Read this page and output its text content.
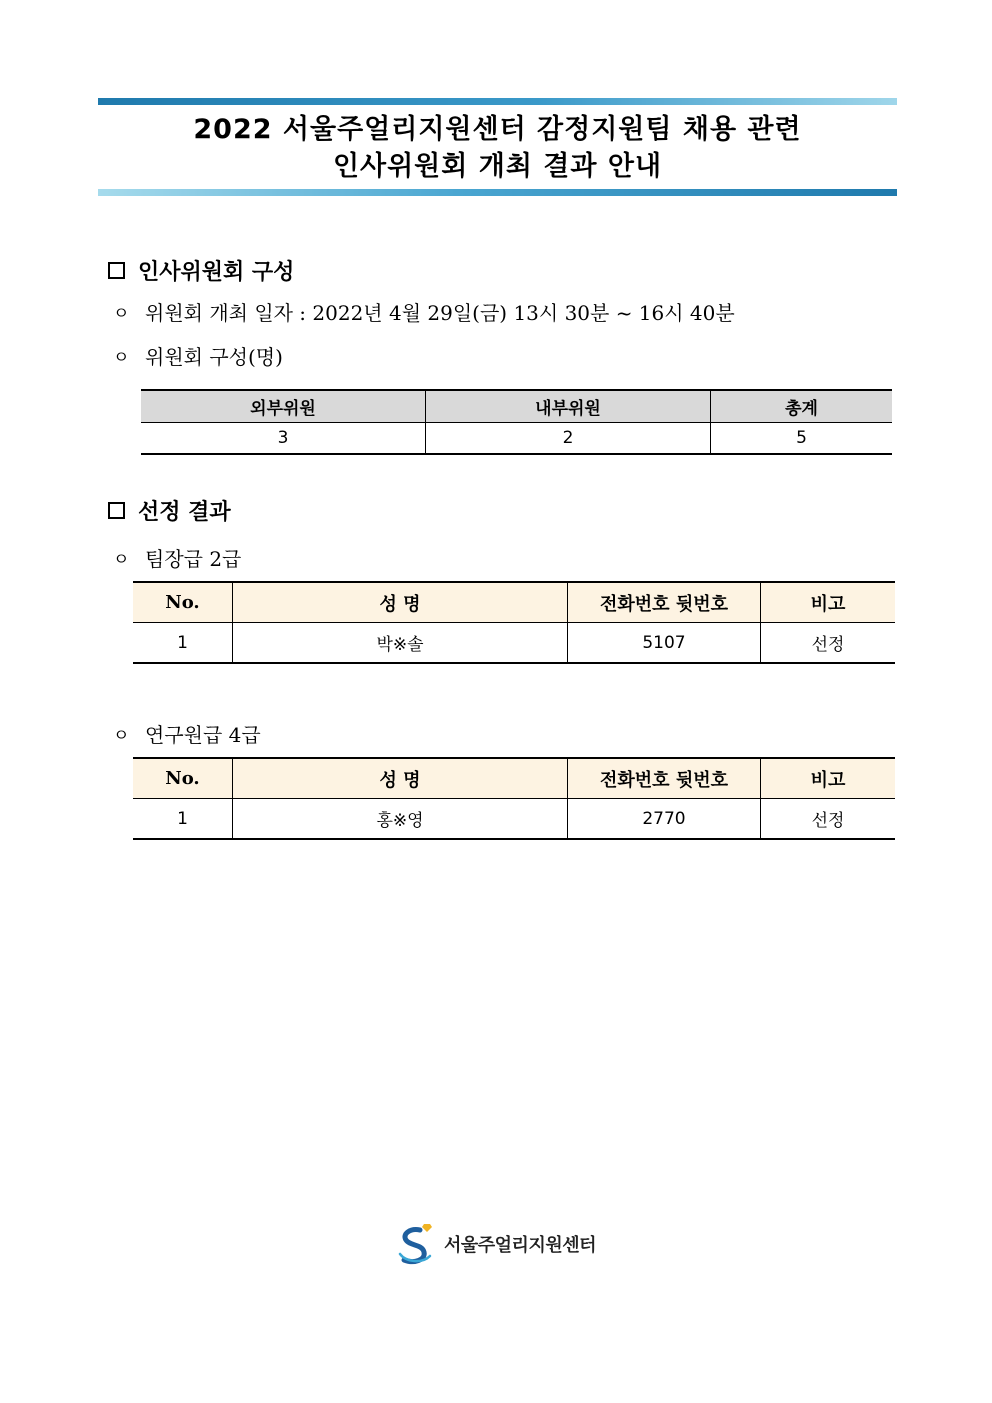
2022 서울주얼리지원센터 감정지원팀 채용 관련
인사위원회 개최 결과 안내
인사위원회 구성
ㅇ 위원회 개최 일자 : 2022년 4월 29일(금) 13시 30분 ~ 16시 40분
ㅇ 위원회 구성(명)
외부위원	내부위원	총계
3	2	5
선정 결과
ㅇ 팀장급 2급
No.	성 명	전화번호 뒷번호	비고
1	박※솔	5107	선정
ㅇ 연구원급 4급
No.	성 명	전화번호 뒷번호	비고
1	홍※영	2770	선정
서울주얼리지원센터
